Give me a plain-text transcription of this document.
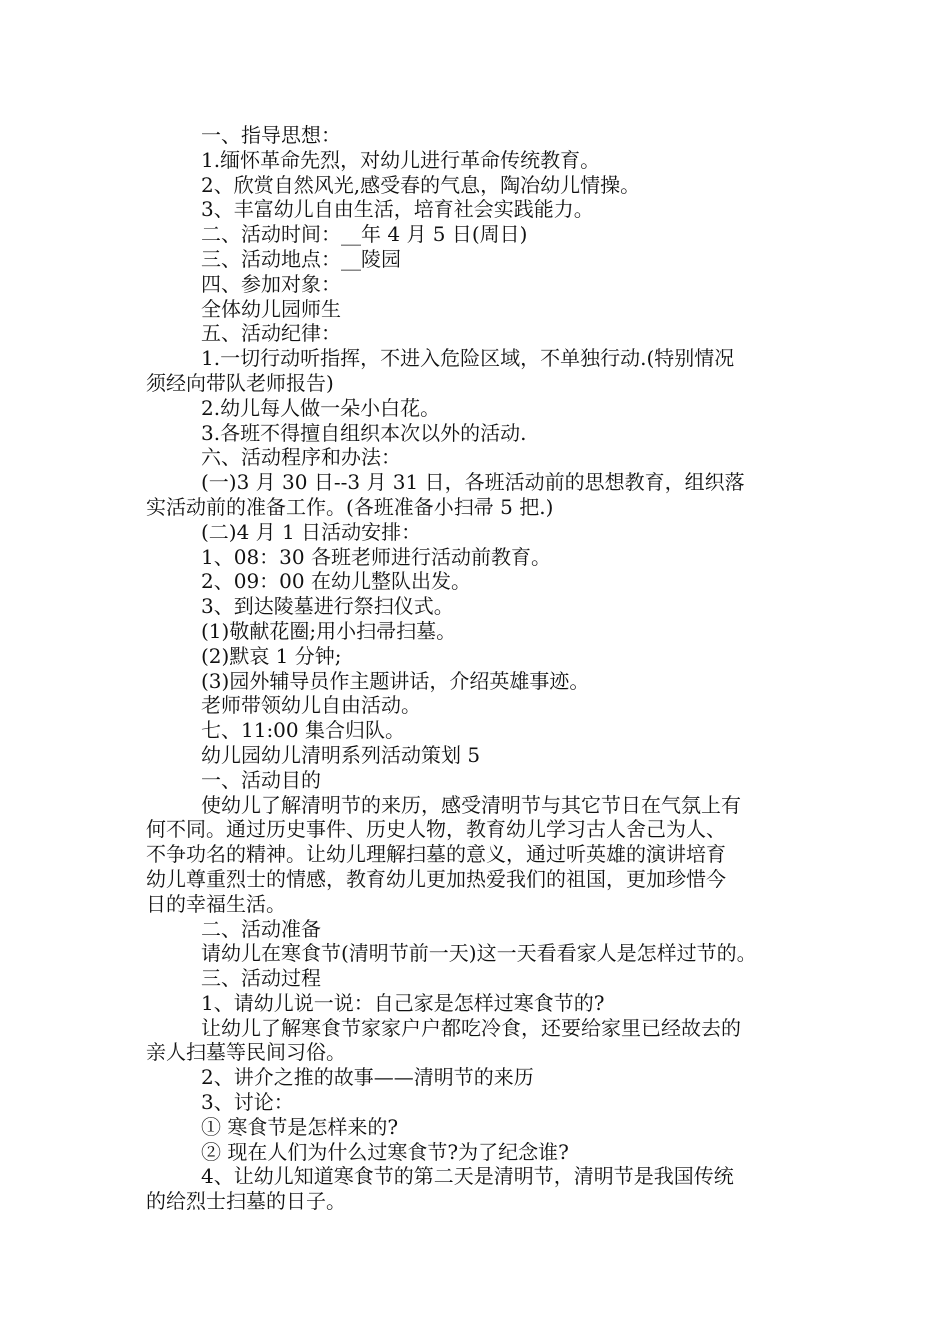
一、指导思想：

1.缅怀革命先烈，对幼儿进行革命传统教育。

2、欣赏自然风光,感受春的气息，陶冶幼儿情操。

3、丰富幼儿自由生活，培育社会实践能力。

二、活动时间：__年 4 月 5 日(周日)

三、活动地点：__陵园

四、参加对象：

全体幼儿园师生

五、活动纪律：

1.一切行动听指挥，不进入危险区域，不单独行动.(特别情况

须经向带队老师报告)

2.幼儿每人做一朵小白花。

3.各班不得擅自组织本次以外的活动.

六、活动程序和办法：

(一)3 月 30 日--3 月 31 日，各班活动前的思想教育，组织落

实活动前的准备工作。(各班准备小扫帚 5 把.)

(二)4 月 1 日活动安排：

1、08：30 各班老师进行活动前教育。

2、09：00 在幼儿整队出发。

3、到达陵墓进行祭扫仪式。

(1)敬献花圈;用小扫帚扫墓。

(2)默哀 1 分钟;

(3)园外辅导员作主题讲话，介绍英雄事迹。

老师带领幼儿自由活动。

七、11:00 集合归队。

幼儿园幼儿清明系列活动策划 5

一、活动目的

使幼儿了解清明节的来历，感受清明节与其它节日在气氛上有

何不同。通过历史事件、历史人物，教育幼儿学习古人舍己为人、

不争功名的精神。让幼儿理解扫墓的意义，通过听英雄的演讲培育

幼儿尊重烈士的情感，教育幼儿更加热爱我们的祖国，更加珍惜今

日的幸福生活。

二、活动准备

请幼儿在寒食节(清明节前一天)这一天看看家人是怎样过节的。

三、活动过程

1、请幼儿说一说：自己家是怎样过寒食节的?

让幼儿了解寒食节家家户户都吃冷食，还要给家里已经故去的

亲人扫墓等民间习俗。

2、讲介之推的故事——清明节的来历

3、讨论：

① 寒食节是怎样来的?

② 现在人们为什么过寒食节?为了纪念谁?

4、让幼儿知道寒食节的第二天是清明节，清明节是我国传统

的给烈士扫墓的日子。
